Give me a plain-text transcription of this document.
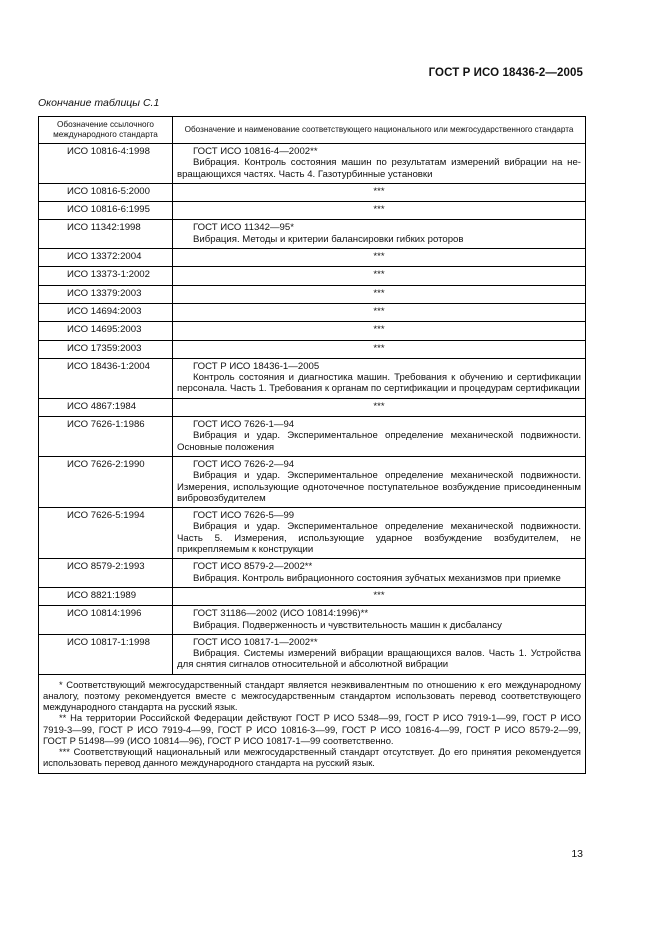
ГОСТ Р ИСО 18436-2—2005
Окончание таблицы С.1
Обозначение ссылочного международного стандарта	Обозначение и наименование соответствующего национального или межгосударственного стандарта
ИСО 10816-4:1998	ГОСТ ИСО 10816-4—2002**
Вибрация. Контроль состояния машин по результатам измерений вибрации на не-вращающихся частях. Часть 4. Газотурбинные установки

ИСО 10816-5:2000	***
ИСО 10816-6:1995	***
ИСО 11342:1998	ГОСТ ИСО 11342—95*
Вибрация. Методы и критерии балансировки гибких роторов

ИСО 13372:2004	***
ИСО 13373-1:2002	***
ИСО 13379:2003	***
ИСО 14694:2003	***
ИСО 14695:2003	***
ИСО 17359:2003	***
ИСО 18436-1:2004	ГОСТ Р ИСО 18436-1—2005
Контроль состояния и диагностика машин. Требования к обучению и сертификации персонала. Часть 1. Требования к органам по сертификации и процедурам сертификации

ИСО 4867:1984	***
ИСО 7626-1:1986	ГОСТ ИСО 7626-1—94
Вибрация и удар. Экспериментальное определение механической подвижности. Основные положения

ИСО 7626-2:1990	ГОСТ ИСО 7626-2—94
Вибрация и удар. Экспериментальное определение механической подвижности. Измерения, использующие одноточечное поступательное возбуждение присоединенным вибровозбудителем

ИСО 7626-5:1994	ГОСТ ИСО 7626-5—99
Вибрация и удар. Экспериментальное определение механической подвижности. Часть 5. Измерения, использующие ударное возбуждение возбудителем, не прикрепляемым к конструкции

ИСО 8579-2:1993	ГОСТ ИСО 8579-2—2002**
Вибрация. Контроль вибрационного состояния зубчатых механизмов при приемке

ИСО 8821:1989	***
ИСО 10814:1996	ГОСТ 31186—2002 (ИСО 10814:1996)**
Вибрация. Подверженность и чувствительность машин к дисбалансу

ИСО 10817-1:1998	ГОСТ ИСО 10817-1—2002**
Вибрация. Системы измерений вибрации вращающихся валов. Часть 1. Устройства для снятия сигналов относительной и абсолютной вибрации

* Соответствующий межгосударственный стандарт является неэквивалентным по отношению к его международному аналогу, поэтому рекомендуется вместе с межгосударственным стандартом использовать перевод соответствующего международного стандарта на русский язык.
** На территории Российской Федерации действуют ГОСТ Р ИСО 5348—99, ГОСТ Р ИСО 7919-1—99, ГОСТ Р ИСО 7919-3—99, ГОСТ Р ИСО 7919-4—99, ГОСТ Р ИСО 10816-3—99, ГОСТ Р ИСО 10816-4—99, ГОСТ Р ИСО 8579-2—99, ГОСТ Р 51498—99 (ИСО 10814—96), ГОСТ Р ИСО 10817-1—99 соответственно.
*** Соответствующий национальный или межгосударственный стандарт отсутствует. До его принятия рекомендуется использовать перевод данного международного стандарта на русский язык.	
13
